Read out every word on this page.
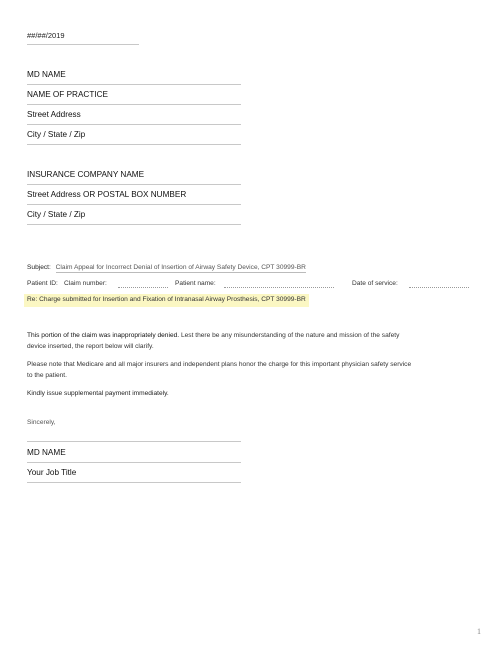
##/##/2019
MD NAME
NAME OF PRACTICE
Street Address
City / State / Zip
INSURANCE COMPANY NAME
Street Address OR POSTAL BOX NUMBER
City / State / Zip
Subject: Claim Appeal for Incorrect Denial of Insertion of Airway Safety Device, CPT 30999-BR
Patient ID: Claim number:	Patient name:	Date of service:
Re: Charge submitted for Insertion and Fixation of Intranasal Airway Prosthesis, CPT 30999-BR
This portion of the claim was inappropriately denied. Lest there be any misunderstanding of the nature and mission of the safety device inserted, the report below will clarify.
Please note that Medicare and all major insurers and independent plans honor the charge for this important physician safety service to the patient.
Kindly issue supplemental payment immediately.
Sincerely,
MD NAME
Your Job Title
1
